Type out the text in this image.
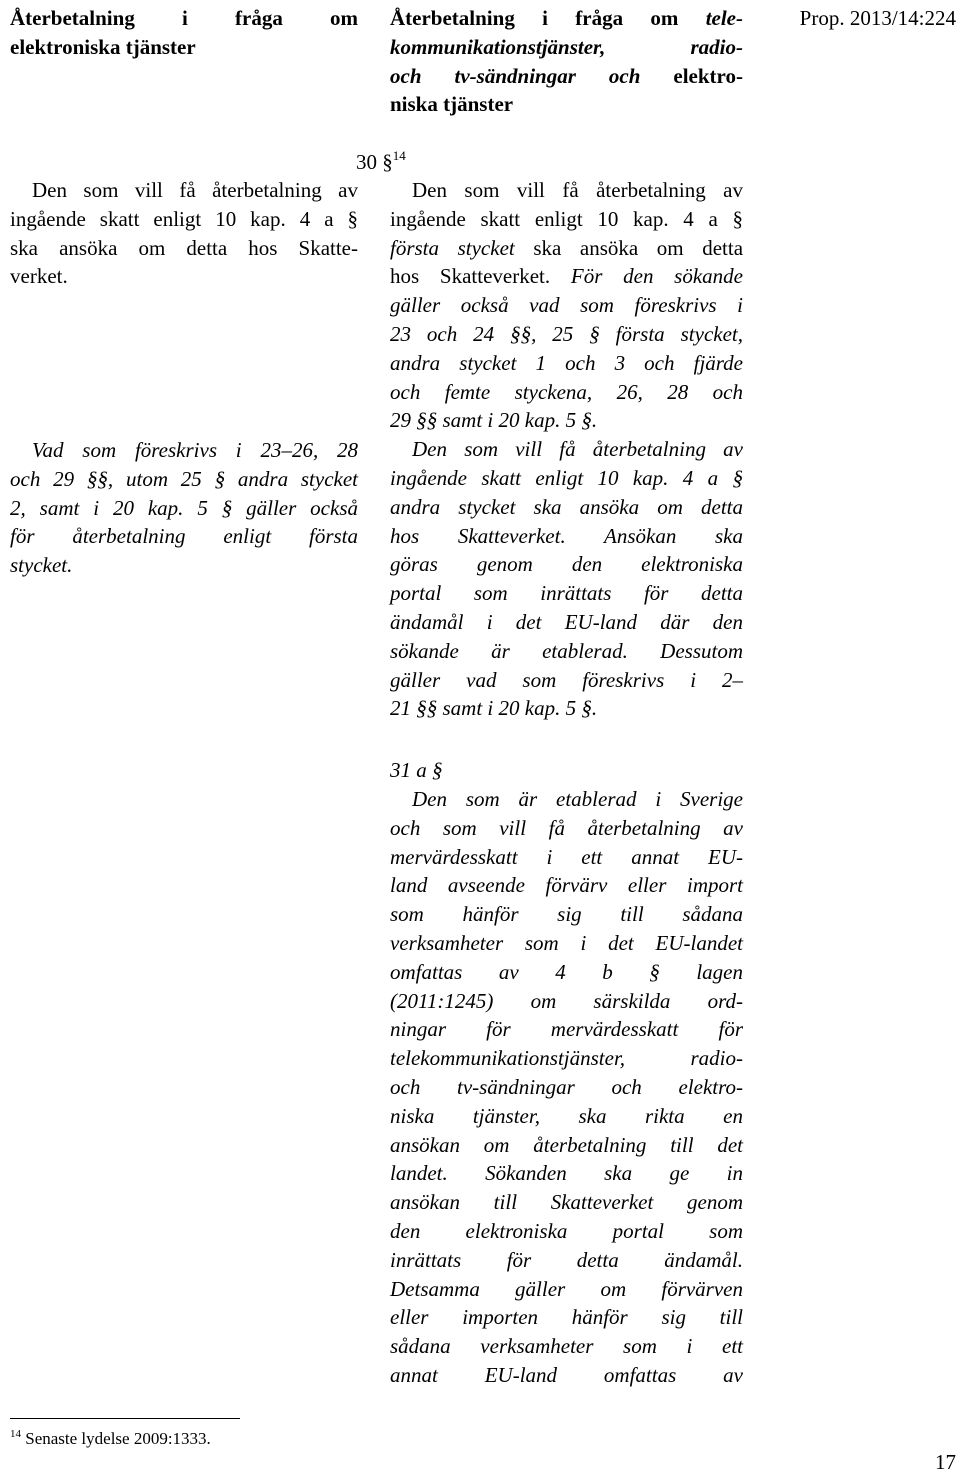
Återbetalning i fråga om
elektroniska tjänster
Återbetalning i fråga om tele-
kommunikationstjänster, radio-
och tv-sändningar och elektro-
niska tjänster
Prop. 2013/14:224
30 §$^{14}$
Den som vill få återbetalning av
ingående skatt enligt 10 kap. 4 a §
ska ansöka om detta hos Skatte-
verket.
Vad som föreskrivs i 23–26, 28
och 29 §§, utom 25 § andra stycket
2, samt i 20 kap. 5 § gäller också
för återbetalning enligt första
stycket.
Den som vill få återbetalning av
ingående skatt enligt 10 kap. 4 a §
första stycket ska ansöka om detta
hos Skatteverket. För den sökande
gäller också vad som föreskrivs i
23 och 24 §§, 25 § första stycket,
andra stycket 1 och 3 och fjärde
och femte styckena, 26, 28 och
29 §§ samt i 20 kap. 5 §.
Den som vill få återbetalning av
ingående skatt enligt 10 kap. 4 a §
andra stycket ska ansöka om detta
hos Skatteverket. Ansökan ska
göras genom den elektroniska
portal som inrättats för detta
ändamål i det EU-land där den
sökande är etablerad. Dessutom
gäller vad som föreskrivs i 2–
21 §§ samt i 20 kap. 5 §.
31 a §
Den som är etablerad i Sverige
och som vill få återbetalning av
mervärdesskatt i ett annat EU-
land avseende förvärv eller import
som hänför sig till sådana
verksamheter som i det EU-landet
omfattas av 4 b § lagen
(2011:1245) om särskilda ord-
ningar för mervärdesskatt för
telekommunikationstjänster, radio-
och tv-sändningar och elektro-
niska tjänster, ska rikta en
ansökan om återbetalning till det
landet. Sökanden ska ge in
ansökan till Skatteverket genom
den elektroniska portal som
inrättats för detta ändamål.
Detsamma gäller om förvärven
eller importen hänför sig till
sådana verksamheter som i ett
annat EU-land omfattas av
$^{14}$ Senaste lydelse 2009:1333.
17
